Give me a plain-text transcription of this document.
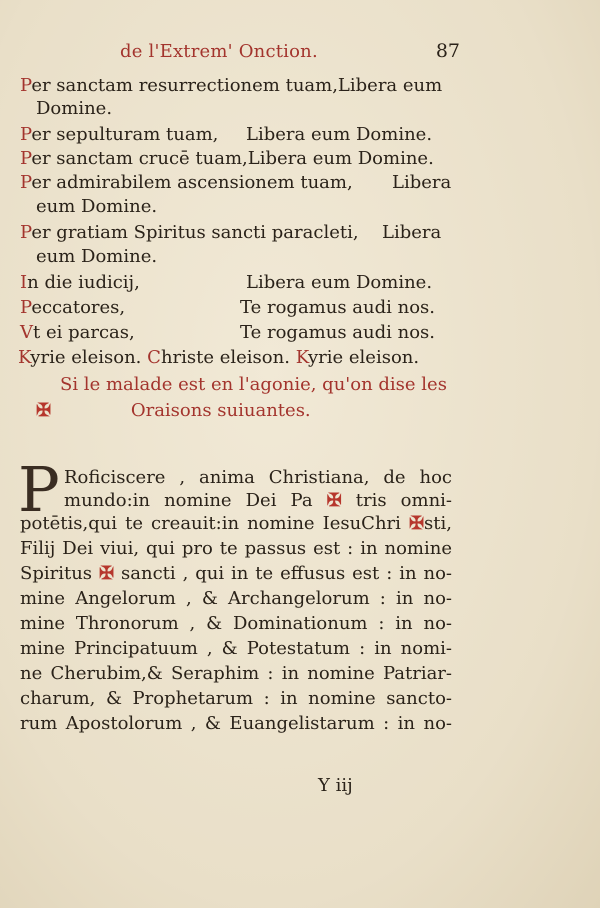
de l'Extrem' Onction.	87
Per sanctam resurrectionem tuam,Libera eum
Domine.
Per sepulturam tuam, Libera eum Domine.
Per sanctam crucē tuam,Libera eum Domine.
Per admirabilem ascensionem tuam, Libera
eum Domine.
Per gratiam Spiritus sancti paracleti, Libera
eum Domine.
In die iudicij,	Libera eum Domine.
Peccatores,	Te rogamus audi nos.
Vt ei parcas,	Te rogamus audi nos.
Kyrie eleison. Christe eleison. Kyrie eleison.
Si le malade est en l'agonie, qu'on dise les
✠	Oraisons suiuantes.
P Roficiscere , anima Christiana, de hoc
mundo:in nomine Dei Pa ✠ tris omni-
potētis,qui te creauit:in nomine IesuChri ✠sti,
Filij Dei viui, qui pro te passus est : in nomine
Spiritus ✠ sancti , qui in te effusus est : in no-
mine Angelorum , & Archangelorum : in no-
mine Thronorum , & Dominationum : in no-
mine Principatuum , & Potestatum : in nomi-
ne Cherubim,& Seraphim : in nomine Patriar-
charum, & Prophetarum : in nomine sancto-
rum Apostolorum , & Euangelistarum : in no-
Y iij
